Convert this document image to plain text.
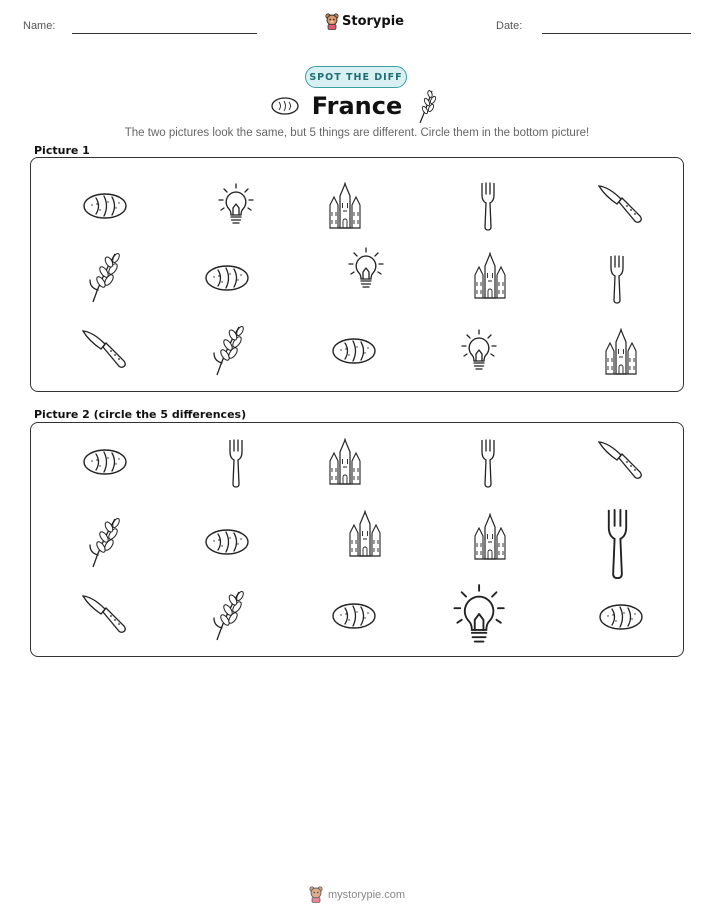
Name:	Storypie	Date:
SPOT THE DIFF
France
The two pictures look the same, but 5 things are different. Circle them in the bottom picture!
Picture 1
Picture 2 (circle the 5 differences)
mystorypie.com
